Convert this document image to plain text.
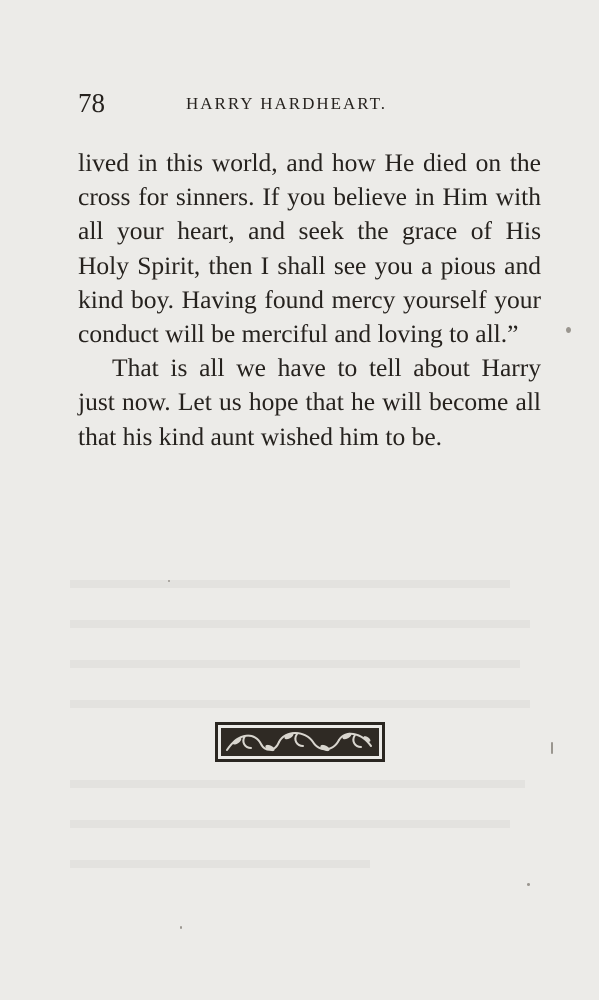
78	HARRY HARDHEART.

lived in this world, and how He died on the cross for sinners. If you believe in Him with all your heart, and seek the grace of His Holy Spirit, then I shall see you a pious and kind boy. Having found mercy yourself your conduct will be merciful and loving to all.”

That is all we have to tell about Harry just now. Let us hope that he will become all that his kind aunt wished him to be.
